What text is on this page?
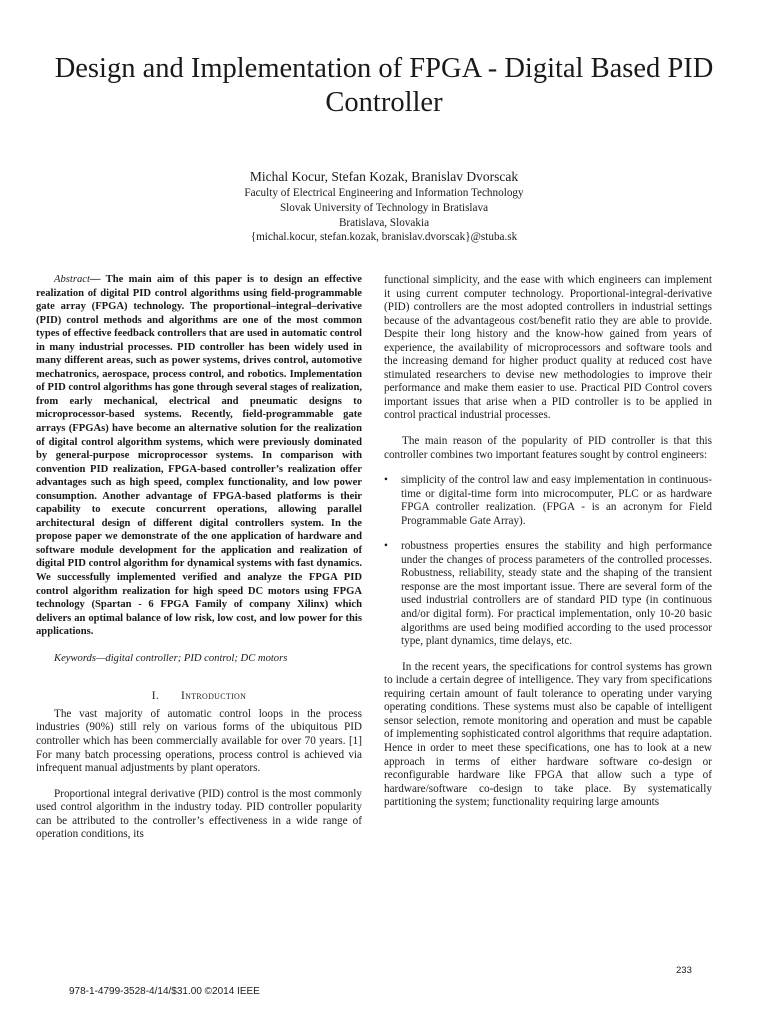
Design and Implementation of FPGA - Digital Based PID Controller
Michal Kocur, Stefan Kozak, Branislav Dvorscak
Faculty of Electrical Engineering and Information Technology
Slovak University of Technology in Bratislava
Bratislava, Slovakia
{michal.kocur, stefan.kozak, branislav.dvorscak}@stuba.sk

Abstract— The main aim of this paper is to design an effective realization of digital PID control algorithms using field-programmable gate array (FPGA) technology. The proportional–integral–derivative (PID) control methods and algorithms are one of the most common types of effective feedback controllers that are used in automatic control in many industrial processes. PID controller has been widely used in many different areas, such as power systems, drives control, automotive mechatronics, aerospace, process control, and robotics. Implementation of PID control algorithms has gone through several stages of realization, from early mechanical, electrical and pneumatic designs to microprocessor-based systems. Recently, field-programmable gate arrays (FPGAs) have become an alternative solution for the realization of digital control algorithm systems, which were previously dominated by general-purpose microprocessor systems. In comparison with convention PID realization, FPGA-based controller’s realization offer advantages such as high speed, complex functionality, and low power consumption. Another advantage of FPGA-based platforms is their capability to execute concurrent operations, allowing parallel architectural design of different digital controllers system. In the propose paper we demonstrate of the one application of hardware and software module development for the application and realization of digital PID control algorithm for dynamical systems with fast dynamics. We successfully implemented verified and analyze the FPGA PID control algorithm realization for high speed DC motors using FPGA technology (Spartan - 6 FPGA Family of company Xilinx) which delivers an optimal balance of low risk, low cost, and low power for this applications.

Keywords—digital controller; PID control; DC motors

I. Introduction

The vast majority of automatic control loops in the process industries (90%) still rely on various forms of the ubiquitous PID controller which has been commercially available for over 70 years. [1] For many batch processing operations, process control is achieved via infrequent manual adjustments by plant operators.

Proportional integral derivative (PID) control is the most commonly used control algorithm in the industry today. PID controller popularity can be attributed to the controller’s effectiveness in a wide range of operation conditions, its

functional simplicity, and the ease with which engineers can implement it using current computer technology. Proportional-integral-derivative (PID) controllers are the most adopted controllers in industrial settings because of the advantageous cost/benefit ratio they are able to provide. Despite their long history and the know-how gained from years of experience, the availability of microprocessors and software tools and the increasing demand for higher product quality at reduced cost have stimulated researchers to devise new methodologies to improve their performance and make them easier to use. Practical PID Control covers important issues that arise when a PID controller is to be applied in control practical industrial processes.

The main reason of the popularity of PID controller is that this controller combines two important features sought by control engineers:

• simplicity of the control law and easy implementation in continuous-time or digital-time form into microcomputer, PLC or as hardware FPGA controller realization. (FPGA - is an acronym for Field Programmable Gate Array).
• robustness properties ensures the stability and high performance under the changes of process parameters of the controlled processes. Robustness, reliability, steady state and the shaping of the transient response are the most important issue. There are several form of the used industrial controllers are of standard PID type (in continuous and/or digital form). For practical implementation, only 10-20 basic algorithms are used being modified according to the used processor type, plant dynamics, time delays, etc.

In the recent years, the specifications for control systems has grown to include a certain degree of intelligence. They vary from specifications requiring certain amount of fault tolerance to operating under varying operating conditions. These systems must also be capable of intelligent sensor selection, remote monitoring and operation and must be capable of implementing sophisticated control algorithms that require adaptation. Hence in order to meet these specifications, one has to look at a new approach in terms of either hardware software co-design or reconfigurable hardware like FPGA that allow such a type of hardware/software co-design to take place. By systematically partitioning the system; functionality requiring large amounts

233
978-1-4799-3528-4/14/$31.00 ©2014 IEEE
